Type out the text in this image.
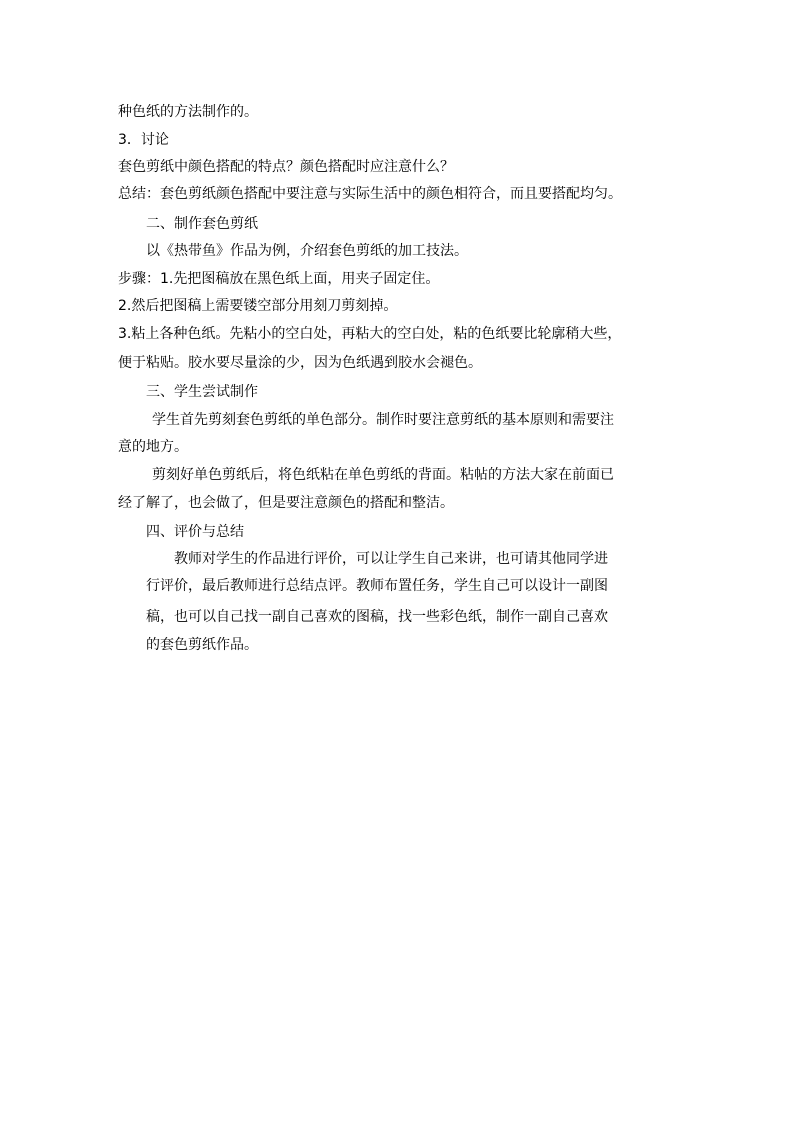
种色纸的方法制作的。
3．讨论
套色剪纸中颜色搭配的特点？颜色搭配时应注意什么？
总结：套色剪纸颜色搭配中要注意与实际生活中的颜色相符合，而且要搭配均匀。
二、制作套色剪纸
以《热带鱼》作品为例，介绍套色剪纸的加工技法。
步骤：1.先把图稿放在黑色纸上面，用夹子固定住。
2.然后把图稿上需要镂空部分用刻刀剪刻掉。
3.粘上各种色纸。先粘小的空白处，再粘大的空白处，粘的色纸要比轮廓稍大些，
便于粘贴。胶水要尽量涂的少，因为色纸遇到胶水会褪色。
三、学生尝试制作
学生首先剪刻套色剪纸的单色部分。制作时要注意剪纸的基本原则和需要注
意的地方。
剪刻好单色剪纸后，将色纸粘在单色剪纸的背面。粘帖的方法大家在前面已
经了解了，也会做了，但是要注意颜色的搭配和整洁。
四、评价与总结
教师对学生的作品进行评价，可以让学生自己来讲，也可请其他同学进
行评价，最后教师进行总结点评。教师布置任务，学生自己可以设计一副图
稿，也可以自己找一副自己喜欢的图稿，找一些彩色纸，制作一副自己喜欢
的套色剪纸作品。
